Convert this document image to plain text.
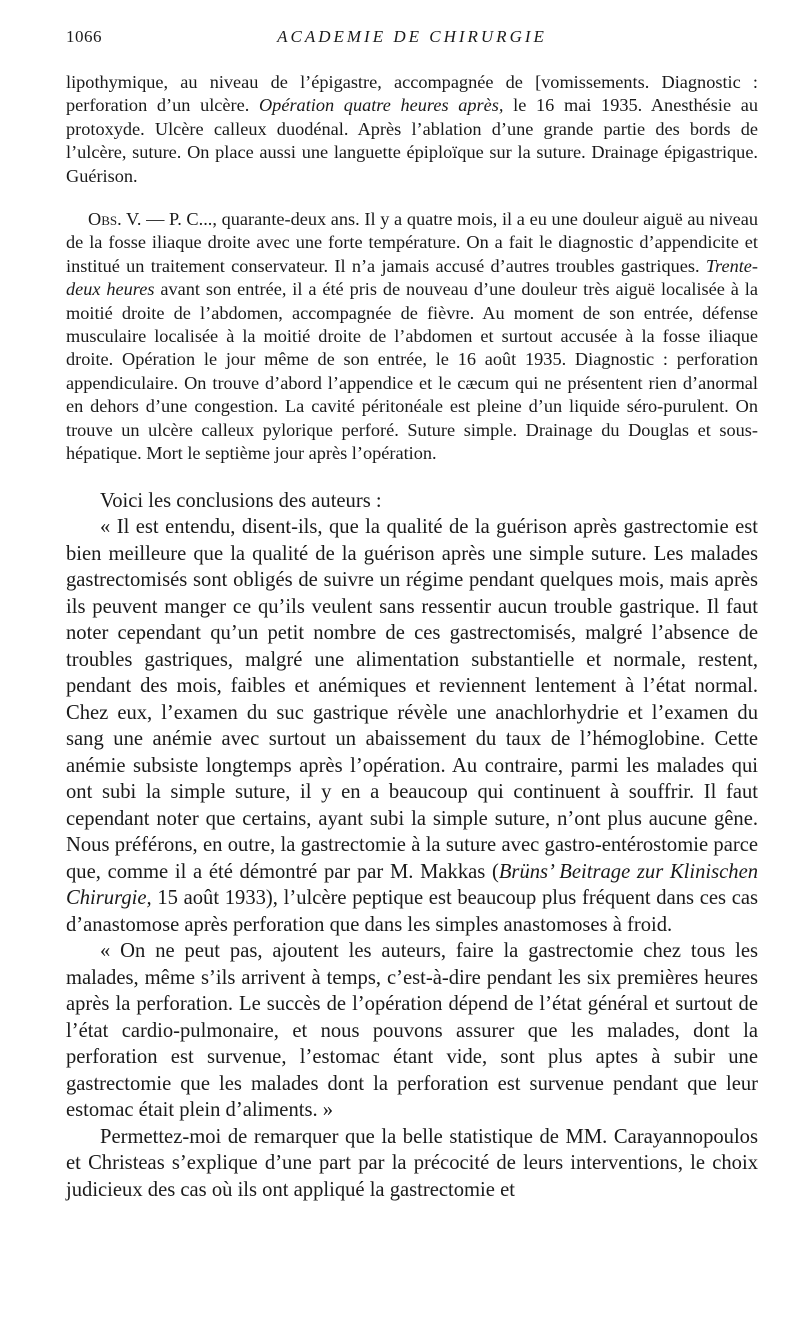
1066	ACADEMIE DE CHIRURGIE

lipothymique, au niveau de l’épigastre, accompagnée de [vomissements. Diagnostic : perforation d’un ulcère. Opération quatre heures après, le 16 mai 1935. Anesthésie au protoxyde. Ulcère calleux duodénal. Après l’ablation d’une grande partie des bords de l’ulcère, suture. On place aussi une languette épiploïque sur la suture. Drainage épigastrique. Guérison.

Obs. V. — P. C..., quarante-deux ans. Il y a quatre mois, il a eu une douleur aiguë au niveau de la fosse iliaque droite avec une forte température. On a fait le diagnostic d’appendicite et institué un traitement conservateur. Il n’a jamais accusé d’autres troubles gastriques. Trente-deux heures avant son entrée, il a été pris de nouveau d’une douleur très aiguë localisée à la moitié droite de l’abdomen, accompagnée de fièvre. Au moment de son entrée, défense musculaire localisée à la moitié droite de l’abdomen et surtout accusée à la fosse iliaque droite. Opération le jour même de son entrée, le 16 août 1935. Diagnostic : perforation appendiculaire. On trouve d’abord l’appendice et le cæcum qui ne présentent rien d’anormal en dehors d’une congestion. La cavité péritonéale est pleine d’un liquide séro-purulent. On trouve un ulcère calleux pylorique perforé. Suture simple. Drainage du Douglas et sous-hépatique. Mort le septième jour après l’opération.

Voici les conclusions des auteurs :

« Il est entendu, disent-ils, que la qualité de la guérison après gastrectomie est bien meilleure que la qualité de la guérison après une simple suture. Les malades gastrectomisés sont obligés de suivre un régime pendant quelques mois, mais après ils peuvent manger ce qu’ils veulent sans ressentir aucun trouble gastrique. Il faut noter cependant qu’un petit nombre de ces gastrectomisés, malgré l’absence de troubles gastriques, malgré une alimentation substantielle et normale, restent, pendant des mois, faibles et anémiques et reviennent lentement à l’état normal. Chez eux, l’examen du suc gastrique révèle une anachlorhydrie et l’examen du sang une anémie avec surtout un abaissement du taux de l’hémoglobine. Cette anémie subsiste longtemps après l’opération. Au contraire, parmi les malades qui ont subi la simple suture, il y en a beaucoup qui continuent à souffrir. Il faut cependant noter que certains, ayant subi la simple suture, n’ont plus aucune gêne. Nous préférons, en outre, la gastrectomie à la suture avec gastro-entérostomie parce que, comme il a été démontré par par M. Makkas (Brüns’ Beitrage zur Klinischen Chirurgie, 15 août 1933), l’ulcère peptique est beaucoup plus fréquent dans ces cas d’anastomose après perforation que dans les simples anastomoses à froid.

« On ne peut pas, ajoutent les auteurs, faire la gastrectomie chez tous les malades, même s’ils arrivent à temps, c’est-à-dire pendant les six premières heures après la perforation. Le succès de l’opération dépend de l’état général et surtout de l’état cardio-pulmonaire, et nous pouvons assurer que les malades, dont la perforation est survenue, l’estomac étant vide, sont plus aptes à subir une gastrectomie que les malades dont la perforation est survenue pendant que leur estomac était plein d’aliments. »

Permettez-moi de remarquer que la belle statistique de MM. Carayannopoulos et Christeas s’explique d’une part par la précocité de leurs interventions, le choix judicieux des cas où ils ont appliqué la gastrectomie et
